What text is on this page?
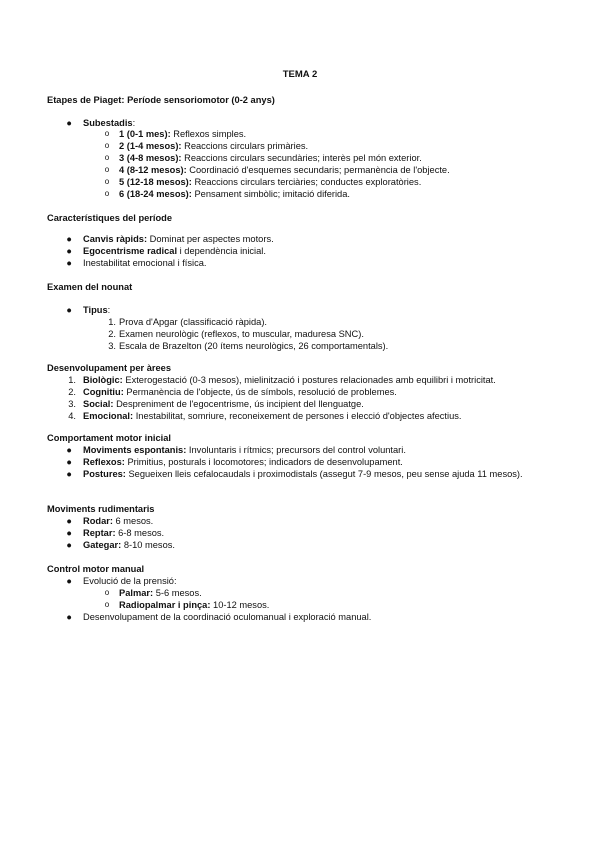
TEMA 2
Etapes de Piaget: Període sensoriomotor (0-2 anys)
● Subestadis:
o 1 (0-1 mes): Reflexos simples.
o 2 (1-4 mesos): Reaccions circulars primàries.
o 3 (4-8 mesos): Reaccions circulars secundàries; interès pel món exterior.
o 4 (8-12 mesos): Coordinació d'esquemes secundaris; permanència de l'objecte.
o 5 (12-18 mesos): Reaccions circulars terciàries; conductes exploratòries.
o 6 (18-24 mesos): Pensament simbòlic; imitació diferida.
Característiques del període
● Canvis ràpids: Dominat per aspectes motors.
● Egocentrisme radical i dependència inicial.
● Inestabilitat emocional i física.
Examen del nounat
● Tipus:
1. Prova d'Apgar (classificació ràpida).
2. Examen neurològic (reflexos, to muscular, maduresa SNC).
3. Escala de Brazelton (20 ítems neurològics, 26 comportamentals).
Desenvolupament per àrees
1. Biològic: Exterogestació (0-3 mesos), mielinització i postures relacionades amb equilibri i motricitat.
2. Cognitiu: Permanència de l'objecte, ús de símbols, resolució de problemes.
3. Social: Despreniment de l'egocentrisme, ús incipient del llenguatge.
4. Emocional: Inestabilitat, somriure, reconeixement de persones i elecció d'objectes afectius.
Comportament motor inicial
● Moviments espontanis: Involuntaris i rítmics; precursors del control voluntari.
● Reflexos: Primitius, posturals i locomotores; indicadors de desenvolupament.
● Postures: Segueixen lleis cefalocaudals i proximodistals (assegut 7-9 mesos, peu sense ajuda 11 mesos).
Moviments rudimentaris
● Rodar: 6 mesos.
● Reptar: 6-8 mesos.
● Gategar: 8-10 mesos.
Control motor manual
● Evolució de la prensió:
o Palmar: 5-6 mesos.
o Radiopalmar i pinça: 10-12 mesos.
● Desenvolupament de la coordinació oculomanual i exploració manual.
